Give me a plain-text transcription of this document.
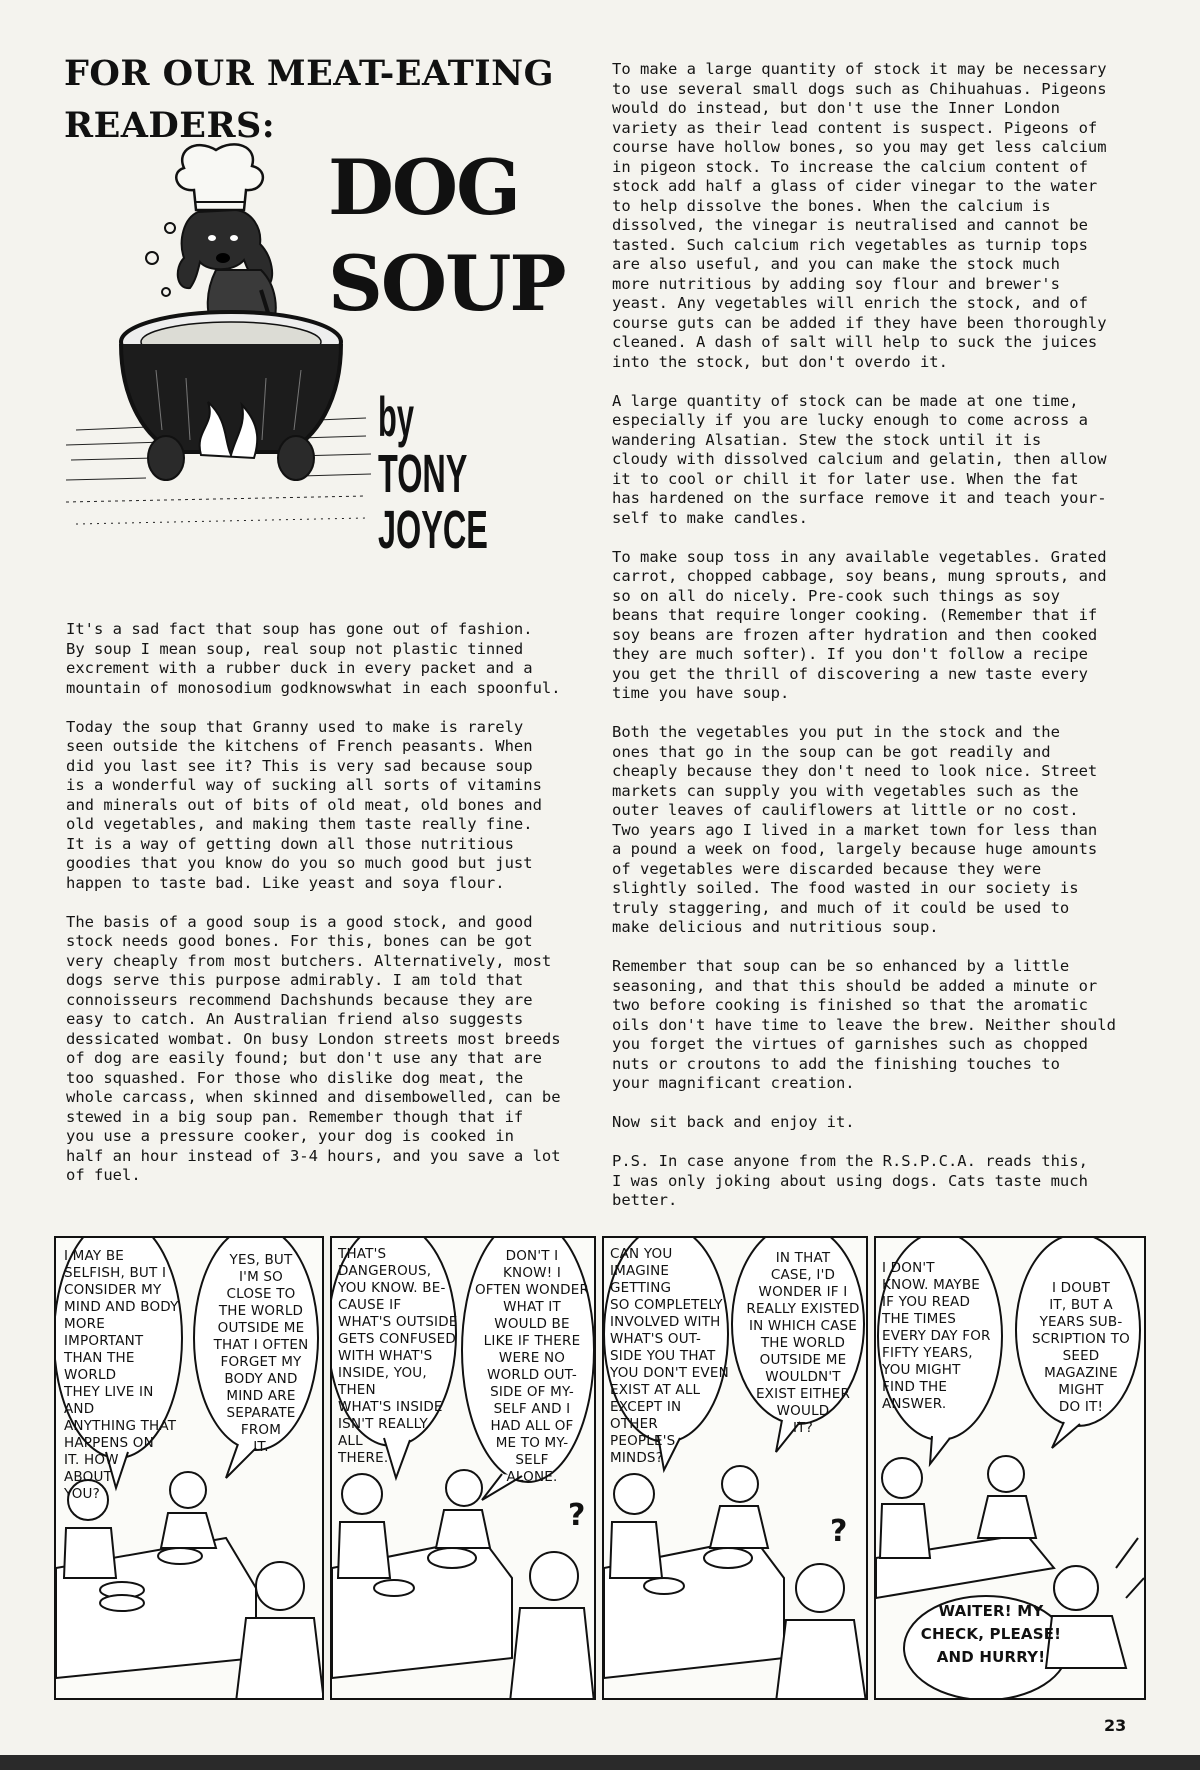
FOR OUR MEAT-EATING
READERS:
DOG
SOUP
by
TONY
JOYCE

It's a sad fact that soup has gone out of fashion.
By soup I mean soup, real soup not plastic tinned
excrement with a rubber duck in every packet and a
mountain of monosodium godknowswhat in each spoonful.

Today the soup that Granny used to make is rarely
seen outside the kitchens of French peasants. When
did you last see it? This is very sad because soup
is a wonderful way of sucking all sorts of vitamins
and minerals out of bits of old meat, old bones and
old vegetables, and making them taste really fine.
It is a way of getting down all those nutritious
goodies that you know do you so much good but just
happen to taste bad. Like yeast and soya flour.

The basis of a good soup is a good stock, and good
stock needs good bones. For this, bones can be got
very cheaply from most butchers. Alternatively, most
dogs serve this purpose admirably. I am told that
connoisseurs recommend Dachshunds because they are
easy to catch. An Australian friend also suggests
dessicated wombat. On busy London streets most breeds
of dog are easily found; but don't use any that are
too squashed. For those who dislike dog meat, the
whole carcass, when skinned and disembowelled, can be
stewed in a big soup pan. Remember though that if
you use a pressure cooker, your dog is cooked in
half an hour instead of 3-4 hours, and you save a lot
of fuel.

To make a large quantity of stock it may be necessary
to use several small dogs such as Chihuahuas. Pigeons
would do instead, but don't use the Inner London
variety as their lead content is suspect. Pigeons of
course have hollow bones, so you may get less calcium
in pigeon stock. To increase the calcium content of
stock add half a glass of cider vinegar to the water
to help dissolve the bones. When the calcium is
dissolved, the vinegar is neutralised and cannot be
tasted. Such calcium rich vegetables as turnip tops
are also useful, and you can make the stock much
more nutritious by adding soy flour and brewer's
yeast. Any vegetables will enrich the stock, and of
course guts can be added if they have been thoroughly
cleaned. A dash of salt will help to suck the juices
into the stock, but don't overdo it.

A large quantity of stock can be made at one time,
especially if you are lucky enough to come across a
wandering Alsatian. Stew the stock until it is
cloudy with dissolved calcium and gelatin, then allow
it to cool or chill it for later use. When the fat
has hardened on the surface remove it and teach your-
self to make candles.

To make soup toss in any available vegetables. Grated
carrot, chopped cabbage, soy beans, mung sprouts, and
so on all do nicely. Pre-cook such things as soy
beans that require longer cooking. (Remember that if
soy beans are frozen after hydration and then cooked
they are much softer). If you don't follow a recipe
you get the thrill of discovering a new taste every
time you have soup.

Both the vegetables you put in the stock and the
ones that go in the soup can be got readily and
cheaply because they don't need to look nice. Street
markets can supply you with vegetables such as the
outer leaves of cauliflowers at little or no cost.
Two years ago I lived in a market town for less than
a pound a week on food, largely because huge amounts
of vegetables were discarded because they were
slightly soiled. The food wasted in our society is
truly staggering, and much of it could be used to
make delicious and nutritious soup.

Remember that soup can be so enhanced by a little
seasoning, and that this should be added a minute or
two before cooking is finished so that the aromatic
oils don't have time to leave the brew. Neither should
you forget the virtues of garnishes such as chopped
nuts or croutons to add the finishing touches to
your magnificant creation.

Now sit back and enjoy it.

P.S. In case anyone from the R.S.P.C.A. reads this,
I was only joking about using dogs. Cats taste much
better.

I MAY BE
SELFISH, BUT I
CONSIDER MY
MIND AND BODY
MORE IMPORTANT
THAN THE WORLD
THEY LIVE IN AND
ANYTHING THAT
HAPPENS ON
IT. HOW
ABOUT
YOU?
YES, BUT
I'M SO
CLOSE TO
THE WORLD
OUTSIDE ME
THAT I OFTEN
FORGET MY
BODY AND
MIND ARE
SEPARATE
FROM
IT.
THAT'S
DANGEROUS,
YOU KNOW. BE-
CAUSE IF
WHAT'S OUTSIDE
GETS CONFUSED
WITH WHAT'S
INSIDE, YOU, THEN
WHAT'S INSIDE
ISN'T REALLY
ALL
THERE.
DON'T I
KNOW! I
OFTEN WONDER
WHAT IT
WOULD BE
LIKE IF THERE
WERE NO
WORLD OUT-
SIDE OF MY-
SELF AND I
HAD ALL OF
ME TO MY-
SELF
ALONE.
?
CAN YOU
IMAGINE GETTING
SO COMPLETELY
INVOLVED WITH
WHAT'S OUT-
SIDE YOU THAT
YOU DON'T EVEN
EXIST AT ALL
EXCEPT IN OTHER
PEOPLE'S
MINDS?
IN THAT
CASE, I'D
WONDER IF I
REALLY EXISTED
IN WHICH CASE
THE WORLD
OUTSIDE ME
WOULDN'T
EXIST EITHER
WOULD
IT?
?
I DON'T
KNOW. MAYBE
IF YOU READ
THE TIMES
EVERY DAY FOR
FIFTY YEARS,
YOU MIGHT
FIND THE
ANSWER.
I DOUBT
IT, BUT A
YEARS SUB-
SCRIPTION TO
SEED
MAGAZINE
MIGHT
DO IT!
WAITER! MY
CHECK, PLEASE!
AND HURRY!
23
